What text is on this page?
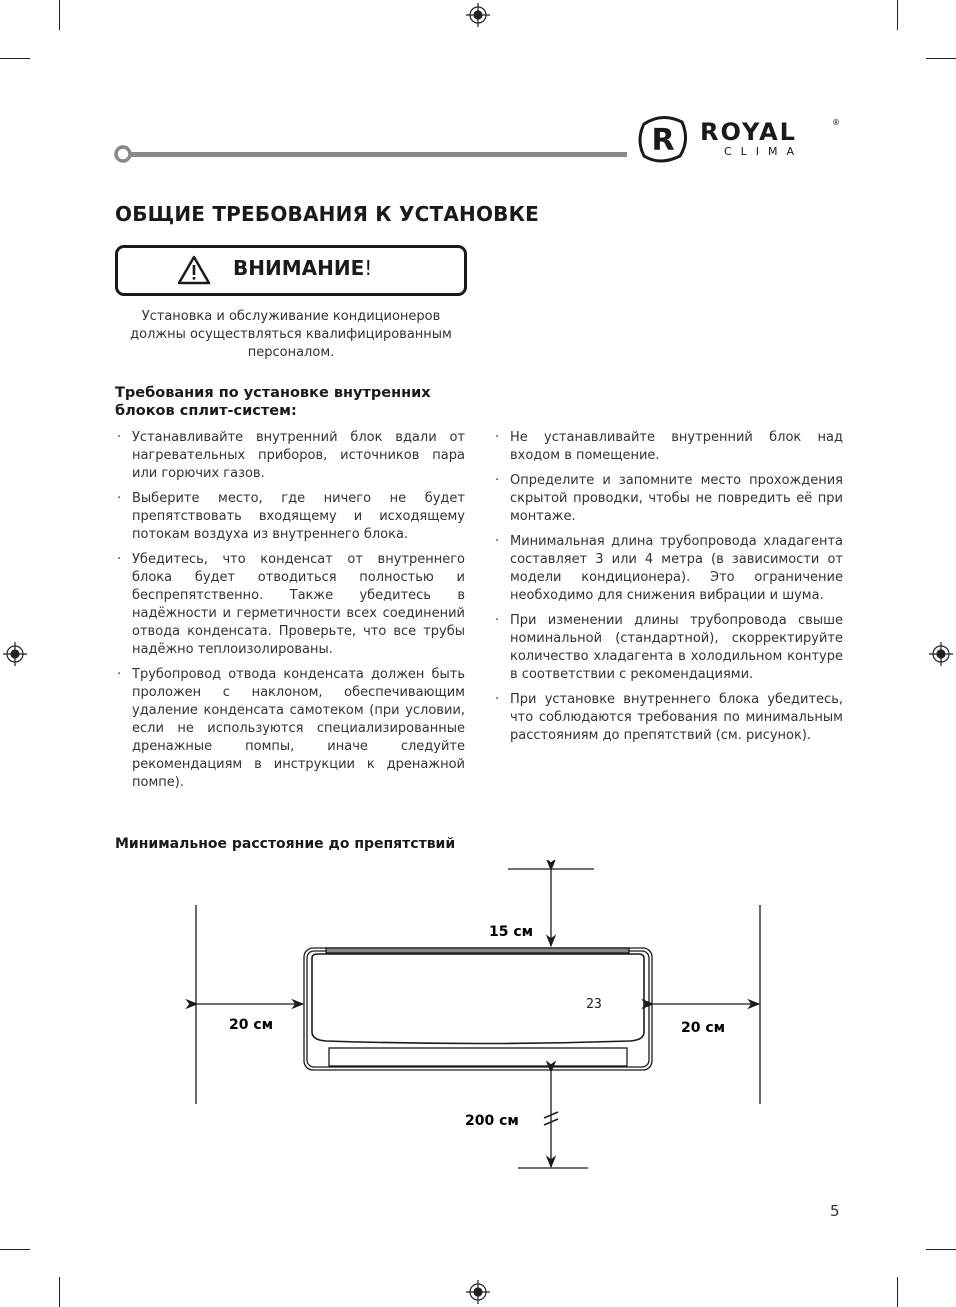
R ROYAL	®
CLIMA
ОБЩИЕ ТРЕБОВАНИЯ К УСТАНОВКЕ
ВНИМАНИЕ!
Установка и обслуживание кондиционеров должны осуществляться квалифицированным персоналом.
Требования по установке внутренних блоков сплит-систем:
· Устанавливайте внутренний блок вдали от нагревательных приборов, источников пара или горючих газов.
· Выберите место, где ничего не будет препятствовать входящему и исходящему потокам воздуха из внутреннего блока.
· Убедитесь, что конденсат от внутреннего блока будет отводиться полностью и беспрепятственно. Также убедитесь в надёжности и герметичности всех соединений отвода конденсата. Проверьте, что все трубы надёжно теплоизолированы.
· Трубопровод отвода конденсата должен быть проложен с наклоном, обеспечивающим удаление конденсата самотеком (при условии, если не используются специализированные дренажные помпы, иначе следуйте рекомендациям в инструкции к дренажной помпе).
· Не устанавливайте внутренний блок над входом в помещение.
· Определите и запомните место прохождения скрытой проводки, чтобы не повредить её при монтаже.
· Минимальная длина трубопровода хладагента составляет 3 или 4 метра (в зависимости от модели кондиционера). Это ограничение необходимо для снижения вибрации и шума.
· При изменении длины трубопровода свыше номинальной (стандартной), скорректируйте количество хладагента в холодильном контуре в соответствии с рекомендациями.
· При установке внутреннего блока убедитесь, что соблюдаются требования по минимальным расстояниям до препятствий (см. рисунок).
Минимальное расстояние до препятствий
23
15 см
20 см	20 см
200 см
5
